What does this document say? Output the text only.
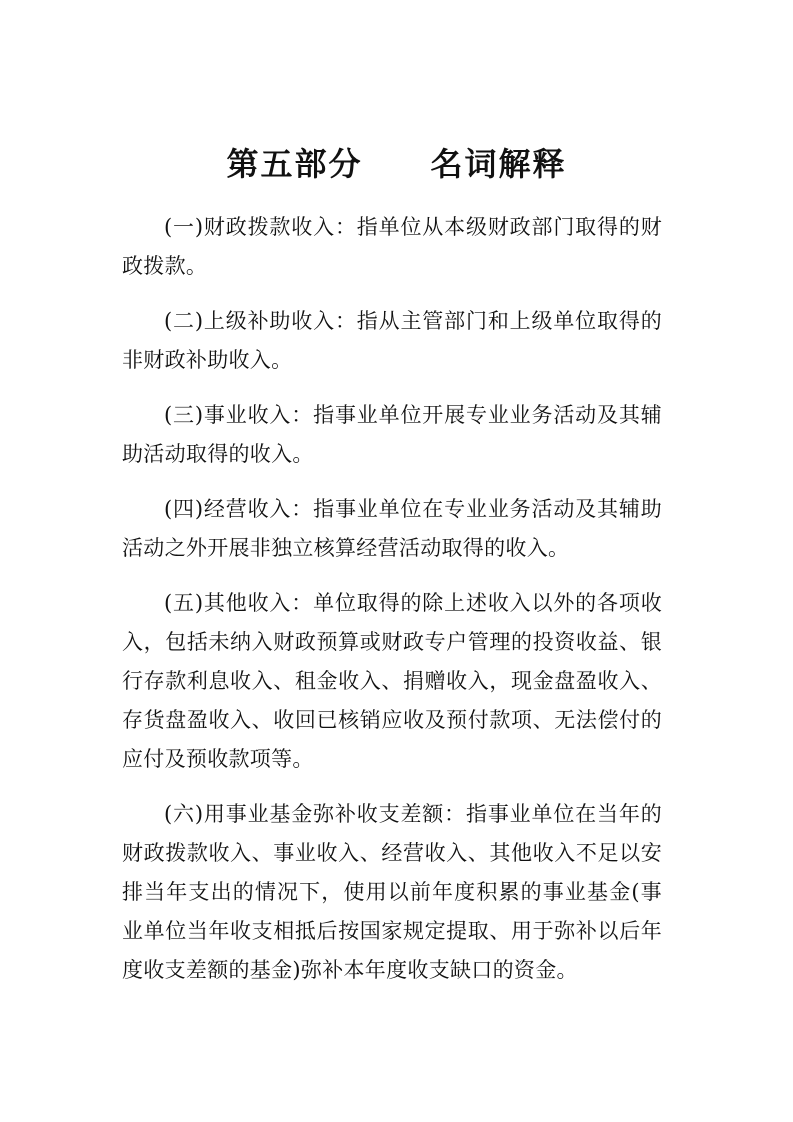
第五部分　　名词解释

(一)财政拨款收入：指单位从本级财政部门取得的财政拨款。

(二)上级补助收入：指从主管部门和上级单位取得的非财政补助收入。

(三)事业收入：指事业单位开展专业业务活动及其辅助活动取得的收入。

(四)经营收入：指事业单位在专业业务活动及其辅助活动之外开展非独立核算经营活动取得的收入。

(五)其他收入：单位取得的除上述收入以外的各项收入，包括未纳入财政预算或财政专户管理的投资收益、银行存款利息收入、租金收入、捐赠收入，现金盘盈收入、存货盘盈收入、收回已核销应收及预付款项、无法偿付的应付及预收款项等。

(六)用事业基金弥补收支差额：指事业单位在当年的财政拨款收入、事业收入、经营收入、其他收入不足以安排当年支出的情况下，使用以前年度积累的事业基金(事业单位当年收支相抵后按国家规定提取、用于弥补以后年度收支差额的基金)弥补本年度收支缺口的资金。
